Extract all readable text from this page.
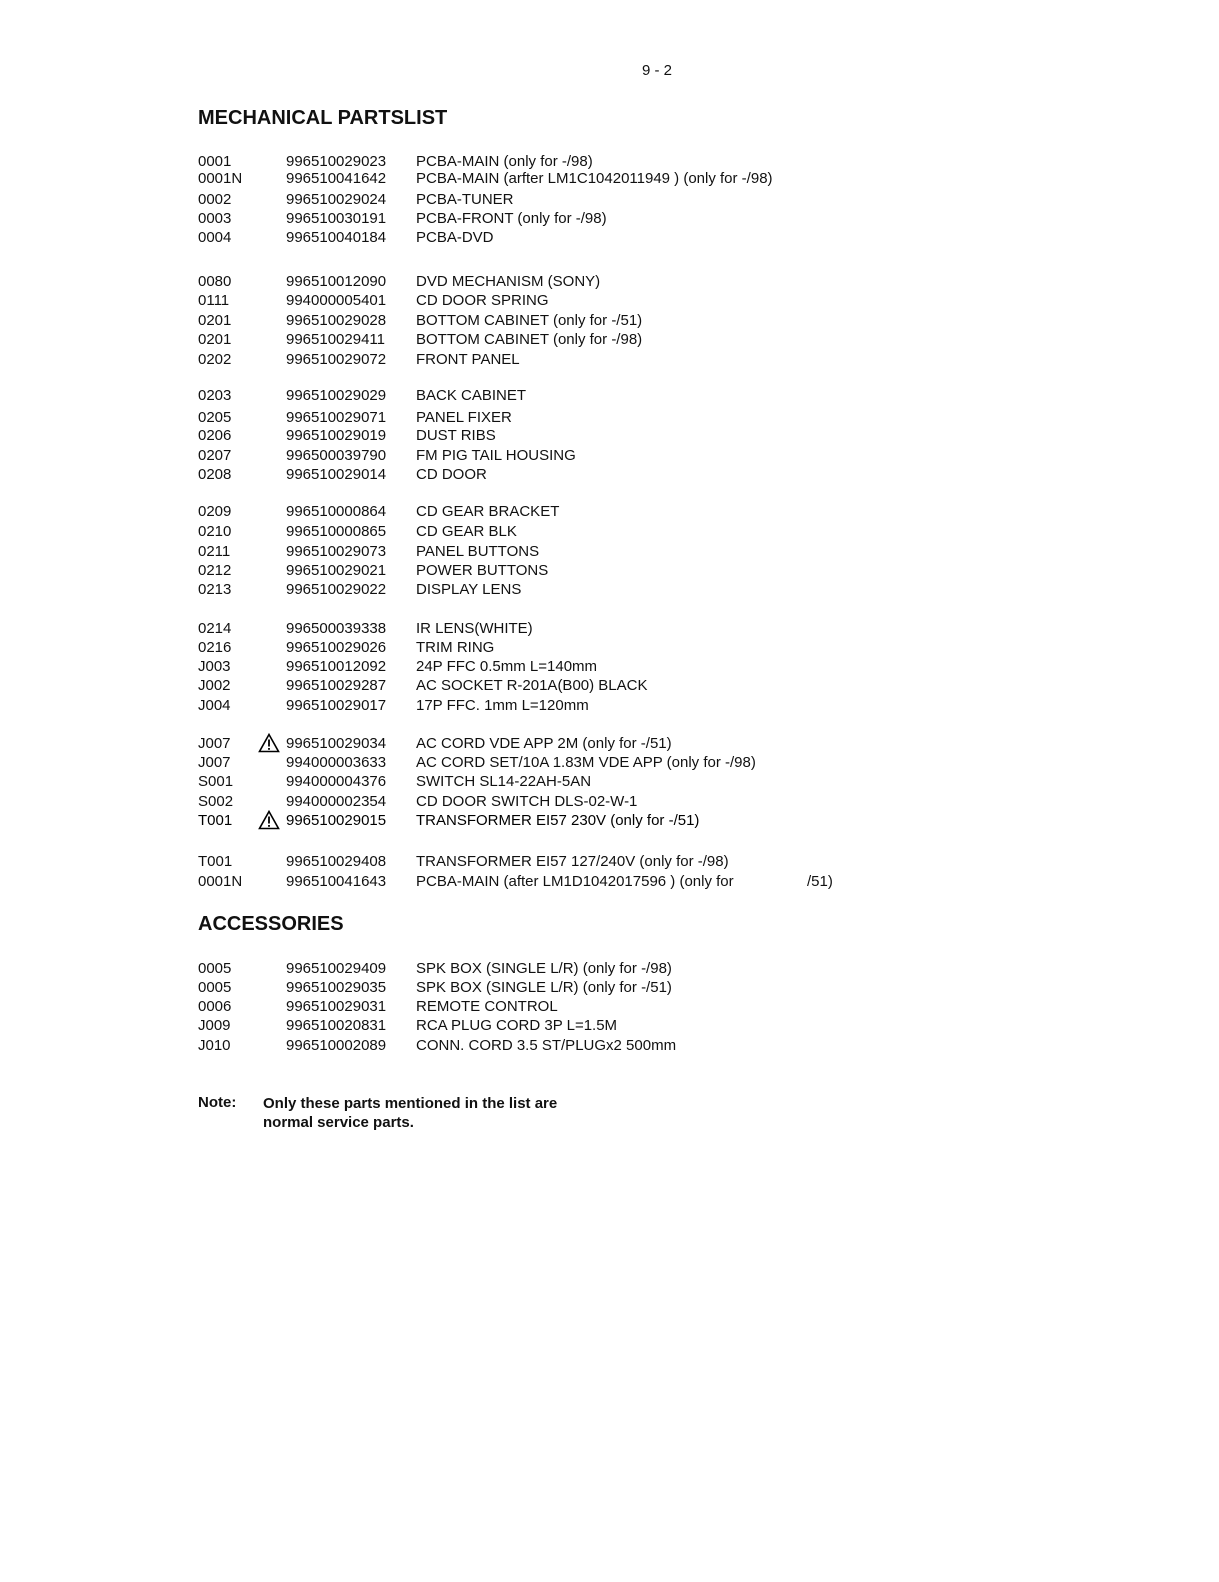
9 - 2
MECHANICAL PARTSLIST
0001	996510029023 PCBA-MAIN (only for -/98)
0001N	996510041642 PCBA-MAIN (arfter LM1C1042011949 ) (only for -/98)
0002	996510029024 PCBA-TUNER
0003	996510030191 PCBA-FRONT (only for -/98)
0004	996510040184 PCBA-DVD
0080	996510012090 DVD MECHANISM (SONY)
0111	994000005401 CD DOOR SPRING
0201	996510029028 BOTTOM CABINET (only for -/51)
0201	996510029411 BOTTOM CABINET (only for -/98)
0202	996510029072 FRONT PANEL
0203	996510029029 BACK CABINET
0205	996510029071 PANEL FIXER
0206	996510029019 DUST RIBS
0207	996500039790 FM PIG TAIL HOUSING
0208	996510029014 CD DOOR
0209	996510000864 CD GEAR BRACKET
0210	996510000865 CD GEAR BLK
0211	996510029073 PANEL BUTTONS
0212	996510029021 POWER BUTTONS
0213	996510029022 DISPLAY LENS
0214	996500039338 IR LENS(WHITE)
0216	996510029026 TRIM RING
J003	996510012092 24P FFC 0.5mm L=140mm
J002	996510029287 AC SOCKET R-201A(B00) BLACK
J004	996510029017 17P FFC. 1mm L=120mm
J007	996510029034 AC CORD VDE APP 2M (only for -/51)
J007	994000003633 AC CORD SET/10A 1.83M VDE APP (only for -/98)
S001	994000004376 SWITCH SL14-22AH-5AN
S002	994000002354 CD DOOR SWITCH DLS-02-W-1
T001	996510029015 TRANSFORMER EI57 230V (only for -/51)
T001	996510029408 TRANSFORMER EI57 127/240V (only for -/98)
0001N	996510041643 PCBA-MAIN (after LM1D1042017596 ) (only for	/51)
ACCESSORIES
0005	996510029409 SPK BOX (SINGLE L/R) (only for -/98)
0005	996510029035 SPK BOX (SINGLE L/R) (only for -/51)
0006	996510029031 REMOTE CONTROL
J009	996510020831 RCA PLUG CORD 3P L=1.5M
J010	996510002089 CONN. CORD 3.5 ST/PLUGx2 500mm
Note: Only these parts mentioned in the list are
normal service parts.
